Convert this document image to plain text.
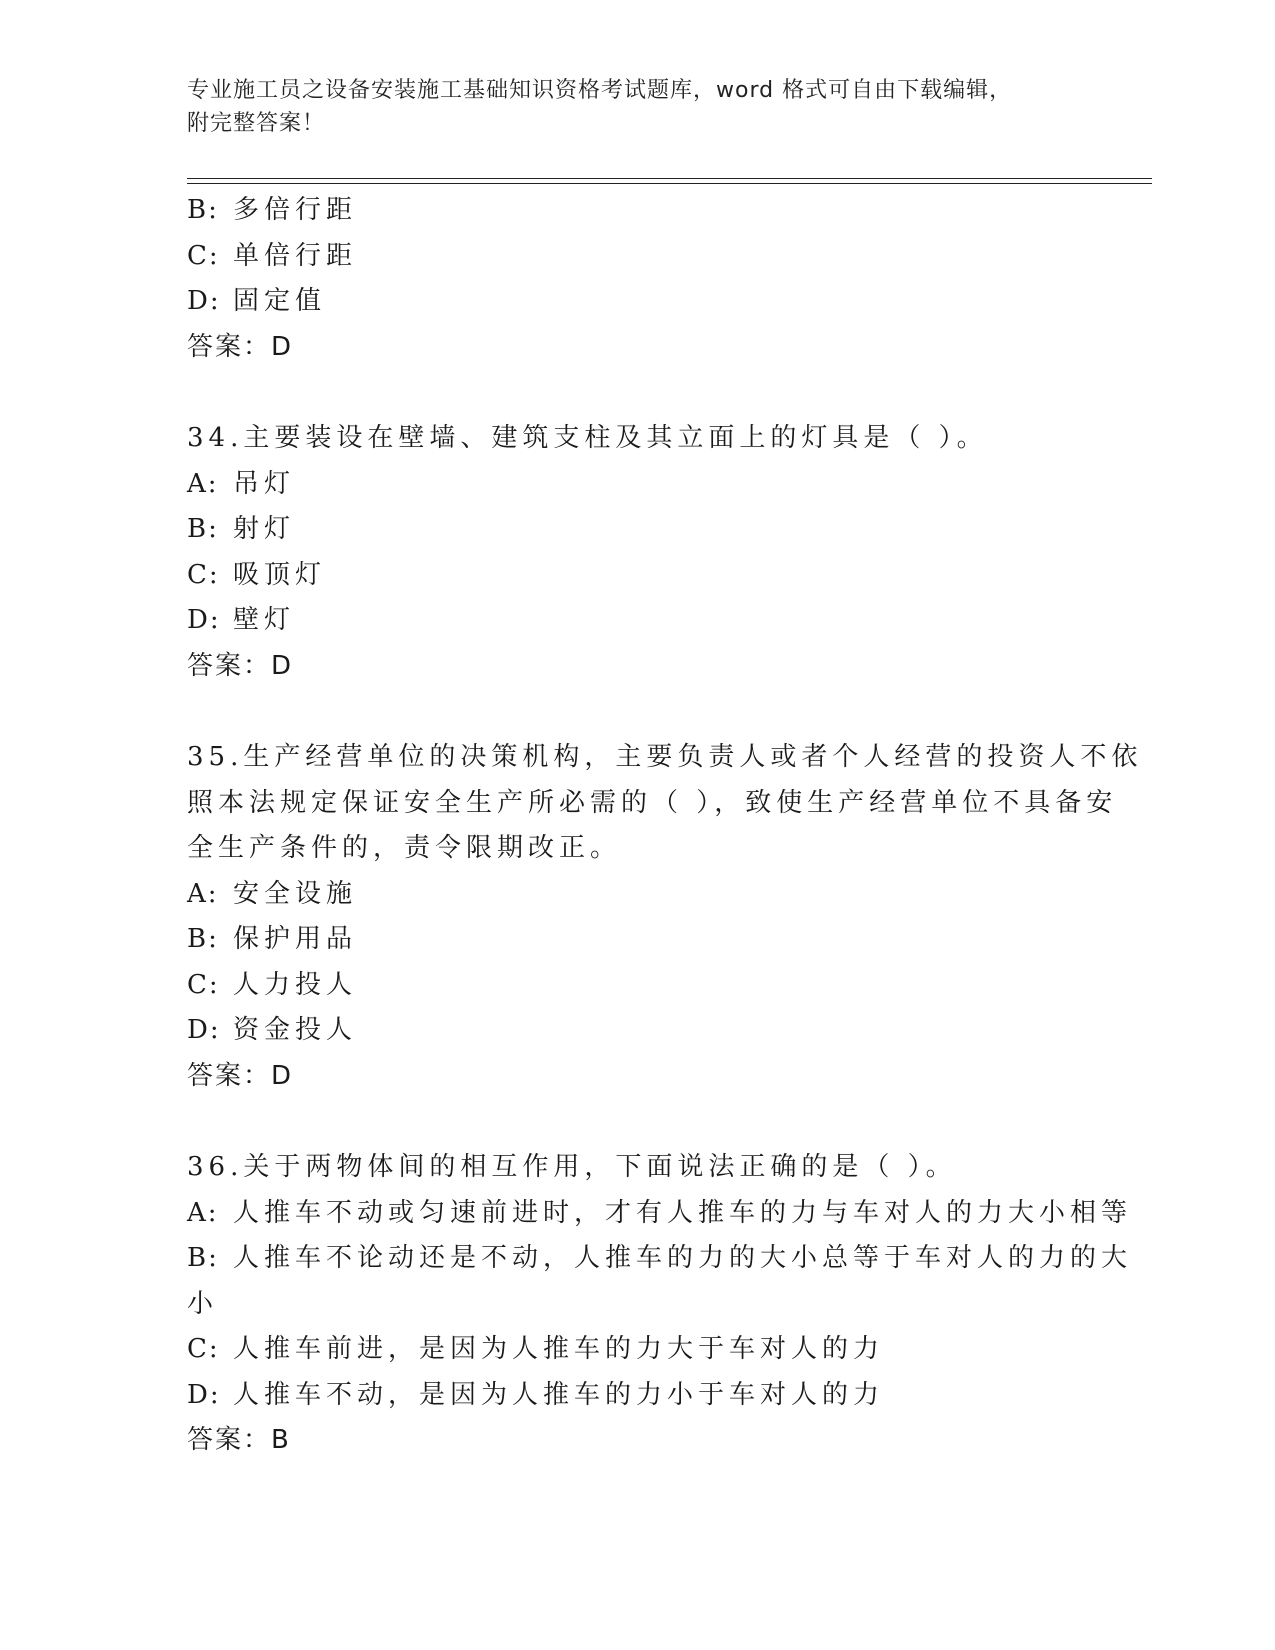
专业施工员之设备安装施工基础知识资格考试题库，word 格式可自由下载编辑，
附完整答案！
B: 多倍行距
C: 单倍行距
D: 固定值
答案：D
34.主要装设在壁墙、建筑支柱及其立面上的灯具是（ ）。
A: 吊灯
B: 射灯
C: 吸顶灯
D: 壁灯
答案：D
35.生产经营单位的决策机构，主要负责人或者个人经营的投资人不依
照本法规定保证安全生产所必需的（ ），致使生产经营单位不具备安
全生产条件的，责令限期改正。
A: 安全设施
B: 保护用品
C: 人力投人
D: 资金投人
答案：D
36.关于两物体间的相互作用，下面说法正确的是（ ）。
A: 人推车不动或匀速前进时，才有人推车的力与车对人的力大小相等
B: 人推车不论动还是不动，人推车的力的大小总等于车对人的力的大
小
C: 人推车前进，是因为人推车的力大于车对人的力
D: 人推车不动，是因为人推车的力小于车对人的力
答案：B
